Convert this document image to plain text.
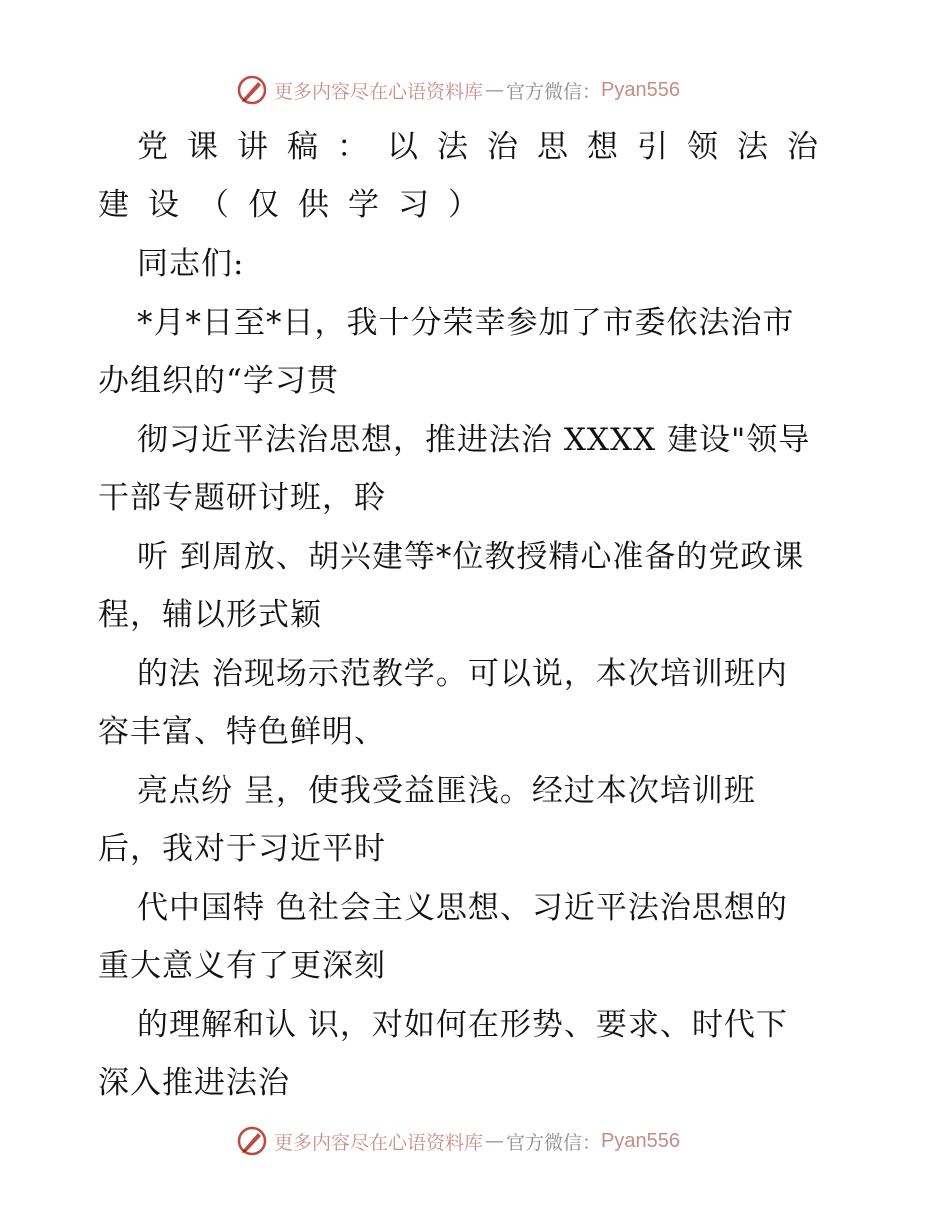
更多内容尽在心语资料库 — 官方微信： Pyan556
党课讲稿：以法治思想引领法治
建设（仅供学习）
同志们:
*月*日至*日，我十分荣幸参加了市委依法治市
办组织的“学习贯
彻习近平法治思想，推进法治 XXXX 建设"领导
干部专题研讨班，聆
听 到周放、胡兴建等*位教授精心准备的党政课
程，辅以形式颖
的法 治现场示范教学。可以说，本次培训班内
容丰富、特色鲜明、
亮点纷 呈，使我受益匪浅。经过本次培训班
后，我对于习近平时
代中国特 色社会主义思想、习近平法治思想的
重大意义有了更深刻
的理解和认 识，对如何在形势、要求、时代下
深入推进法治
更多内容尽在心语资料库 — 官方微信： Pyan556
